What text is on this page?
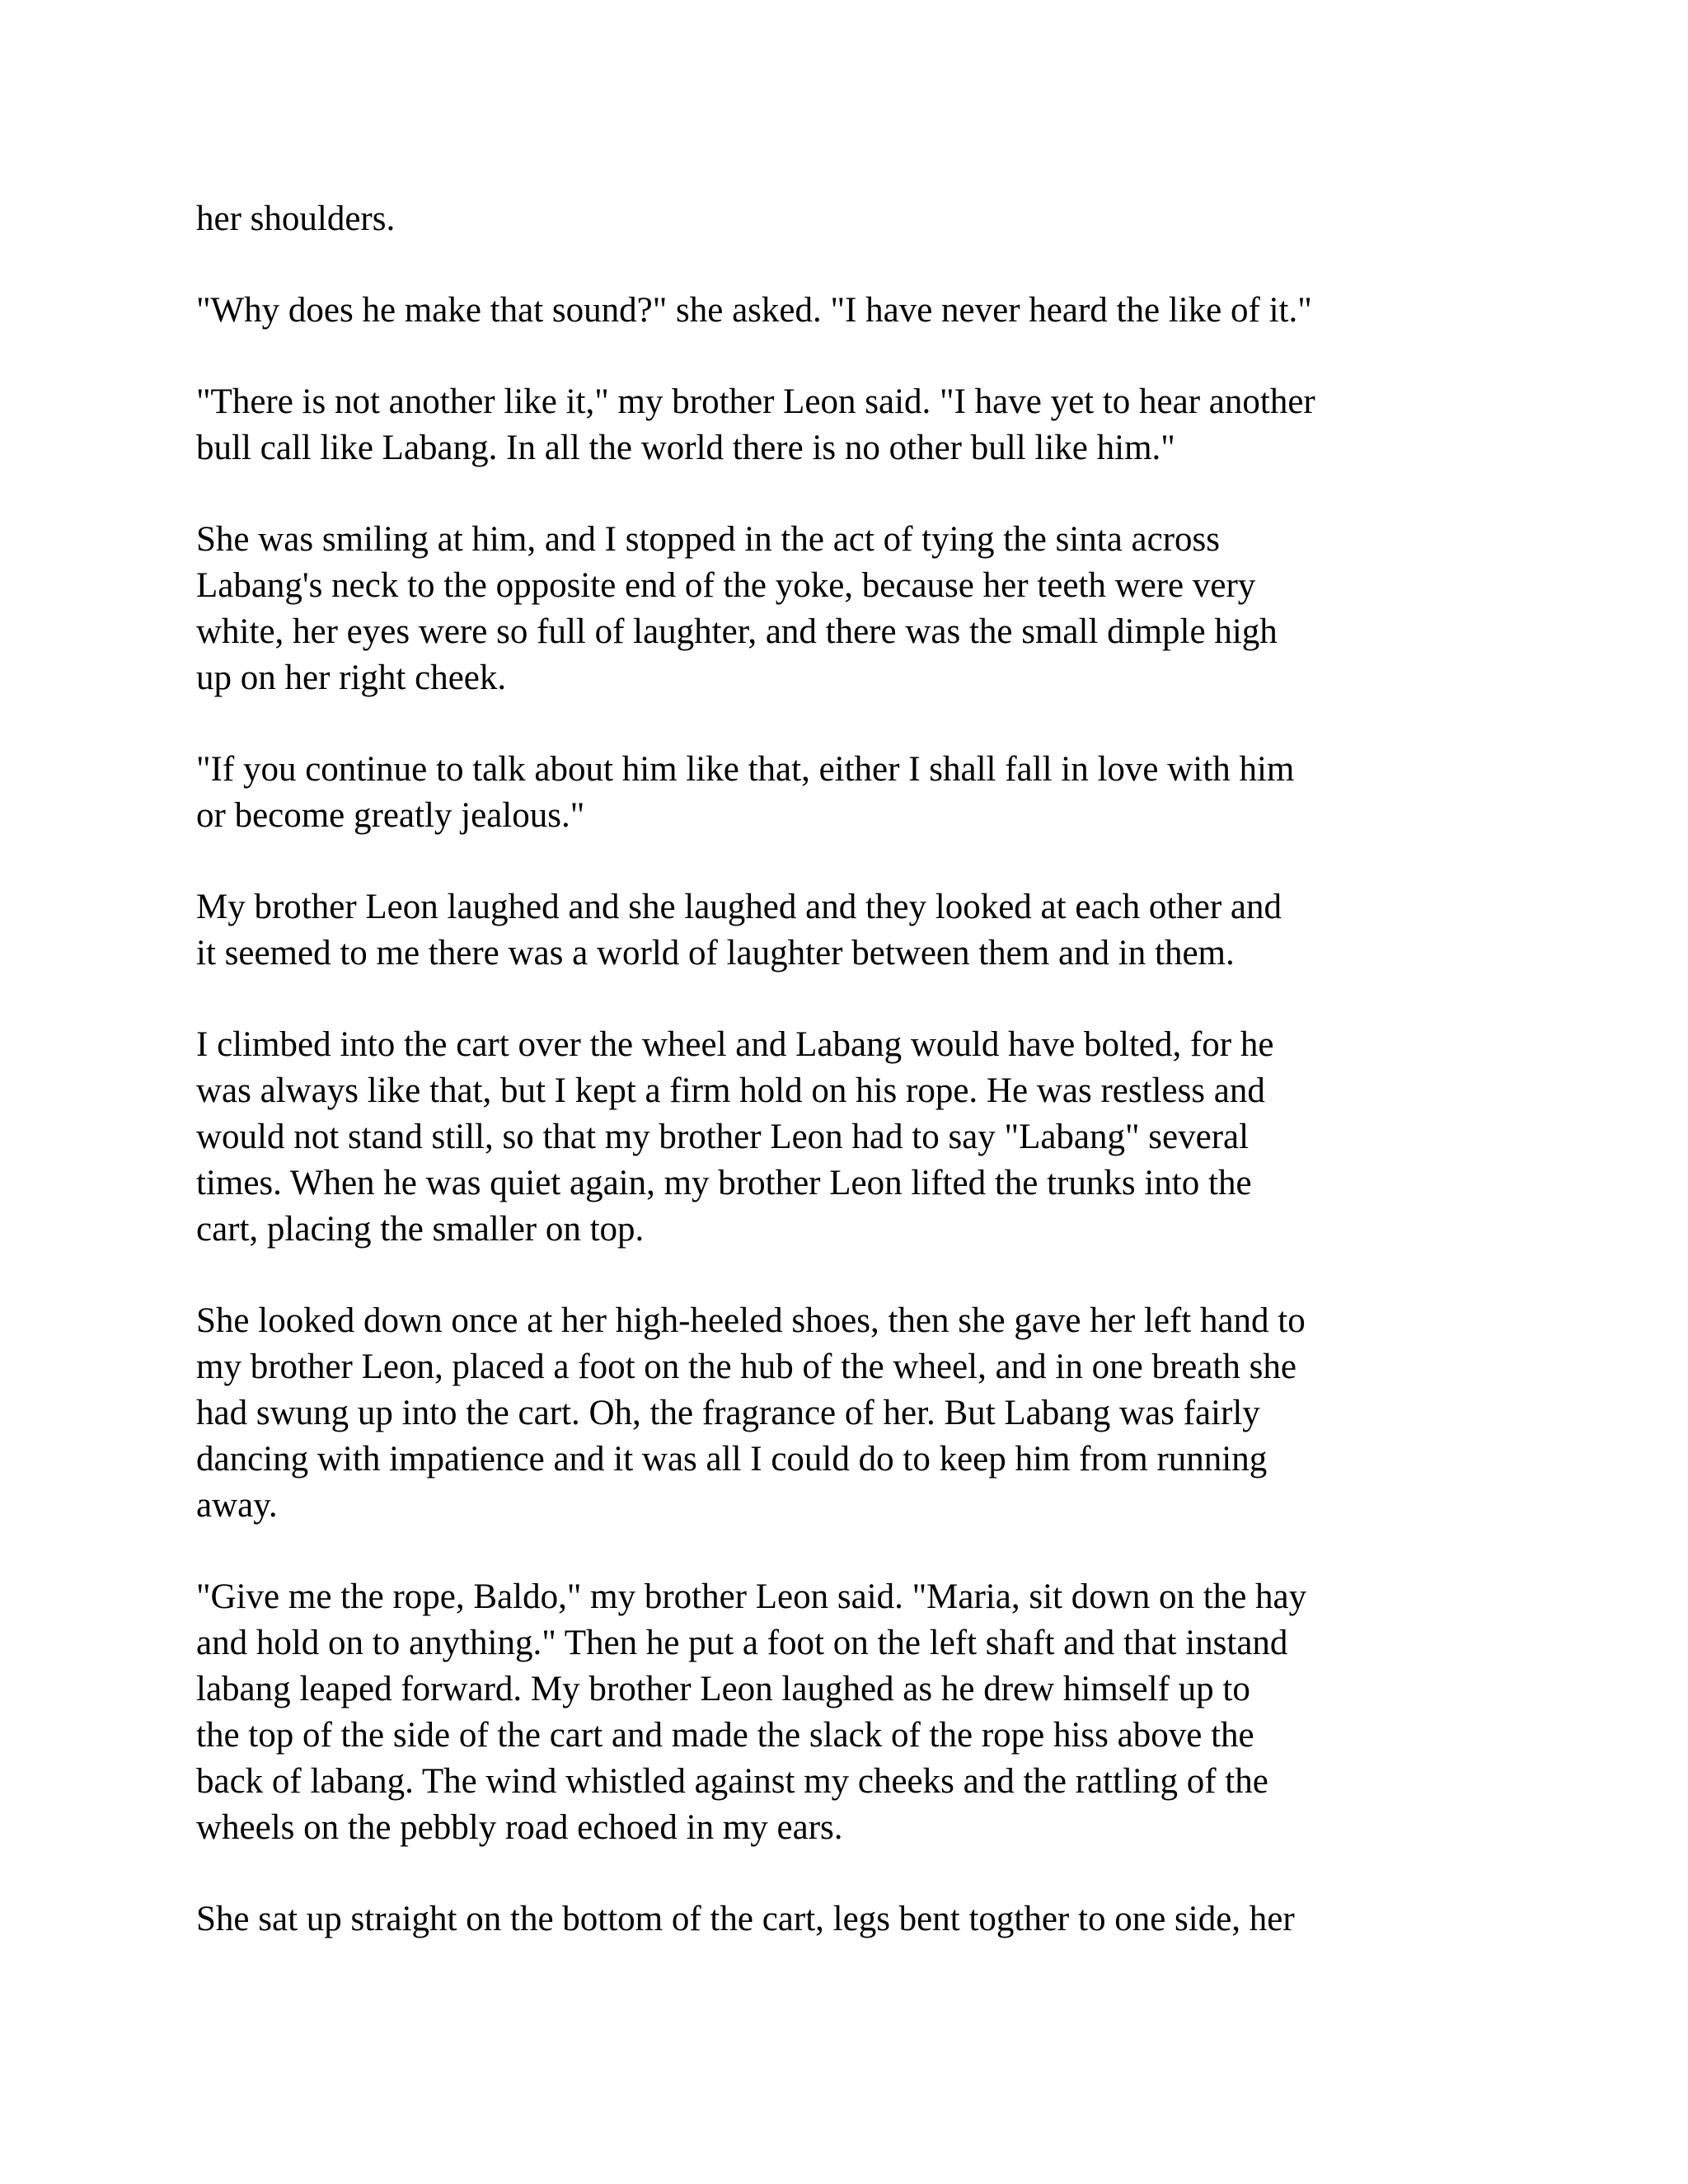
her shoulders.

"Why does he make that sound?" she asked. "I have never heard the like of it."

"There is not another like it," my brother Leon said. "I have yet to hear another
bull call like Labang. In all the world there is no other bull like him."

She was smiling at him, and I stopped in the act of tying the sinta across
Labang's neck to the opposite end of the yoke, because her teeth were very
white, her eyes were so full of laughter, and there was the small dimple high
up on her right cheek.

"If you continue to talk about him like that, either I shall fall in love with him
or become greatly jealous."

My brother Leon laughed and she laughed and they looked at each other and
it seemed to me there was a world of laughter between them and in them.

I climbed into the cart over the wheel and Labang would have bolted, for he
was always like that, but I kept a firm hold on his rope. He was restless and
would not stand still, so that my brother Leon had to say "Labang" several
times. When he was quiet again, my brother Leon lifted the trunks into the
cart, placing the smaller on top.

She looked down once at her high-heeled shoes, then she gave her left hand to
my brother Leon, placed a foot on the hub of the wheel, and in one breath she
had swung up into the cart. Oh, the fragrance of her. But Labang was fairly
dancing with impatience and it was all I could do to keep him from running
away.

"Give me the rope, Baldo," my brother Leon said. "Maria, sit down on the hay
and hold on to anything." Then he put a foot on the left shaft and that instand
labang leaped forward. My brother Leon laughed as he drew himself up to
the top of the side of the cart and made the slack of the rope hiss above the
back of labang. The wind whistled against my cheeks and the rattling of the
wheels on the pebbly road echoed in my ears.

She sat up straight on the bottom of the cart, legs bent togther to one side, her
